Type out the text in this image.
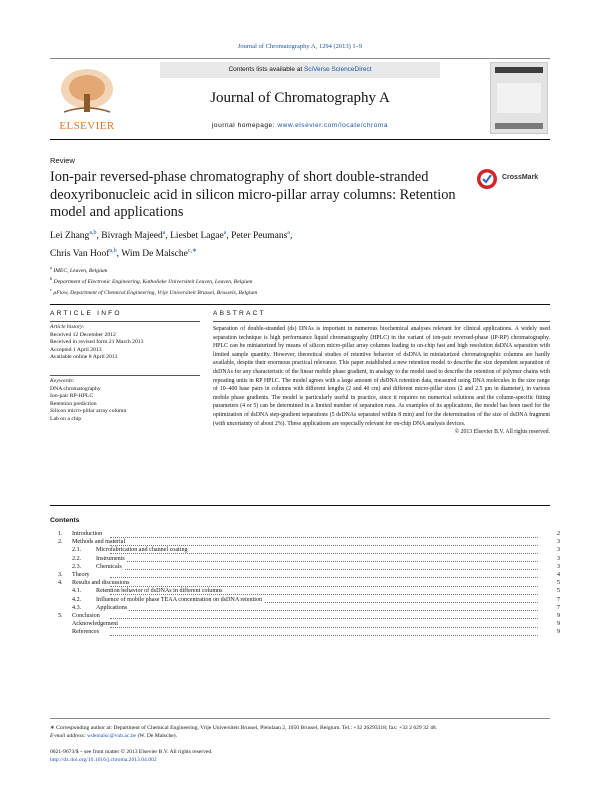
Journal of Chromatography A, 1294 (2013) 1–9
ELSEVIER
Contents lists available at SciVerse ScienceDirect
Journal of Chromatography A
journal homepage: www.elsevier.com/locate/chroma
Review
Ion-pair reversed-phase chromatography of short double-stranded deoxyribonucleic acid in silicon micro-pillar array columns: Retention model and applications
CrossMark
Lei Zhang$^{a,b}$, Bivragh Majeed$^a$, Liesbet Lagae$^a$, Peter Peumans$^a$,
Chris Van Hoof$^{a,b}$, Wim De Malsche$^{c,∗}$
$^a$ IMEC, Leuven, Belgium
$^b$ Department of Electronic Engineering, Katholieke Universiteit Leuven, Leuven, Belgium
$^c$ μFlow, Department of Chemical Engineering, Vrije Universiteit Brussel, Brussels, Belgium
ARTICLE INFO	ABSTRACT
Article history:
Received 12 December 2012
Received in revised form 21 March 2013
Accepted 1 April 2013
Available online 8 April 2013
Keywords:
DNA chromatography
Ion-pair RP-HPLC
Retention prediction
Silicon micro-pillar array column
Lab on a chip
Separation of double-stranded (ds) DNAs is important in numerous biochemical analyses relevant for clinical applications. A widely used separation technique is high performance liquid chromatography (HPLC) in the variant of ion-pair reversed-phase (IP-RP) chromatography. HPLC can be miniaturized by means of silicon micro-pillar array columns leading to on-chip fast and high resolution dsDNA separation with limited sample quantity. However, theoretical studies of retentive behavior of dsDNA in miniaturized chromatographic columns are hardly available, despite their enormous practical relevance. This paper established a new retention model to describe the size dependent separation of dsDNAs for any characteristic of the linear mobile phase gradient, in analogy to the model used to describe the retention of polymer chains with repeating units in RP HPLC. The model agrees with a large amount of dsDNA retention data, measured using DNA molecules in the size range of 10–400 base pairs in columns with different lengths (2 and 40 cm) and different micro-pillar sizes (2 and 2.5 μm in diameter), in various mobile phase gradients. The model is particularly useful in practice, since it requires no numerical solutions and the column-specific fitting parameters (4 or 5) can be determined in a limited number of separation runs. As examples of its applications, the model has been used for the optimization of dsDNA step-gradient separations (5 dsDNAs separated within 8 min) and for the determination of the size of dsDNA fragment (with uncertainty of about 2%). These applications are especially relevant for on-chip DNA analysis devices.
© 2013 Elsevier B.V. All rights reserved.
Contents
1. Introduction	2
2. Methods and material	3
2.1. Microfabrication and channel coating	3
2.2. Instruments	3
2.3. Chemicals	3
3. Theory	4
4. Results and discussions	5
4.1. Retention behavior of dsDNAs in different columns	5
4.2. Influence of mobile phase TEAA concentration on dsDNA retention	7
4.3. Applications	7
5. Conclusion	9
Acknowledgement	9
References	9
∗ Corresponding author at: Department of Chemical Engineering, Vrije Universiteit Brussel, Pleinlaan 2, 1050 Brussel, Belgium. Tel.: +32 26293318; fax: +32 2 629 32 48.
E-mail address: wdemalsc@vub.ac.be (W. De Malsche).
0021-9673/$ – see front matter © 2013 Elsevier B.V. All rights reserved.
http://dx.doi.org/10.1016/j.chroma.2013.04.002
